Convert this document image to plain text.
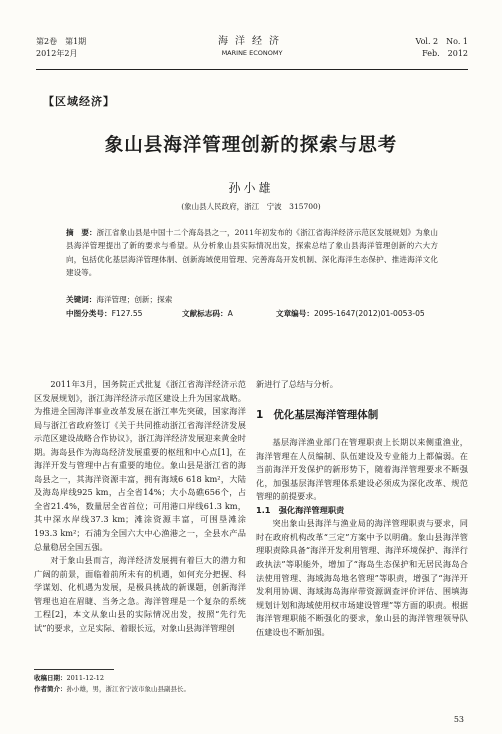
第2卷　第1期
2012年2月
海洋经济
MARINE ECONOMY
Vol. 2　No. 1
Feb.　2012
【区域经济】
象山县海洋管理创新的探索与思考
孙小雄
(象山县人民政府，浙江　宁波　315700)
摘　要：浙江省象山县是中国十二个海岛县之一，2011年初发布的《浙江省海洋经济示范区发展规划》为象山县海洋管理提出了新的要求与希望。从分析象山县实际情况出发，探索总结了象山县海洋管理创新的六大方向，包括优化基层海洋管理体制、创新海域使用管理、完善海岛开发机制、深化海洋生态保护、推进海洋文化建设等。
关键词：海洋管理；创新；探索
中图分类号：F127.55	文献标志码：A	文章编号：2095-1647(2012)01-0053-05

2011年3月，国务院正式批复《浙江省海洋经济示范区发展规划》，浙江海洋经济示范区建设上升为国家战略。为推进全国海洋事业改革发展在浙江率先突破，国家海洋局与浙江省政府签订《关于共同推动浙江省海洋经济发展示范区建设战略合作协议》，浙江海洋经济发展迎来黄金时期。海岛县作为海岛经济发展重要的枢纽和中心点[1]，在海洋开发与管理中占有重要的地位。象山县是浙江省的海岛县之一，其海洋资源丰富，拥有海域6 618 km²，大陆及海岛岸线925 km，占全省14%；大小岛礁656个，占全省21.4%，数量居全省首位；可用港口岸线61.3 km，其中深水岸线37.3 km；滩涂资源丰富，可围垦滩涂193.3 km²；石浦为全国六大中心渔港之一，全县水产品总量稳居全国五强。

对于象山县而言，海洋经济发展拥有着巨大的潜力和广阔的前景，面临着前所未有的机遇，如何充分把握、科学谋划、化机遇为发展，是极具挑战的新课题，创新海洋管理也迫在眉睫、当务之急。海洋管理是一个复杂的系统工程[2]，本文从象山县的实际情况出发，按照“先行先试”的要求，立足实际、着眼长远，对象山县海洋管理创

新进行了总结与分析。

1 优化基层海洋管理体制

基层海洋渔业部门在管理职责上长期以来侧重渔业，海洋管理在人员编制、队伍建设及专业能力上都偏弱。在当前海洋开发保护的新形势下，随着海洋管理要求不断强化，加强基层海洋管理体系建设必须成为深化改革、规范管理的前提要求。

1.1　强化海洋管理职责

突出象山县海洋与渔业局的海洋管理职责与要求，同时在政府机构改革“三定”方案中予以明确。象山县海洋管理职责除具备“海洋开发利用管理、海洋环境保护、海洋行政执法”等职能外，增加了“海岛生态保护和无居民海岛合法使用管理、海域海岛地名管理”等职责，增强了“海洋开发利用协调、海域海岛海岸带资源调查评价评估、围填海规划计划和海域使用权市场建设管理”等方面的职责。根据海洋管理职能不断强化的要求，象山县的海洋管理领导队伍建设也不断加强。

收稿日期：2011-12-12
作者简介：孙小雄，男，浙江省宁波市象山县副县长。
53
